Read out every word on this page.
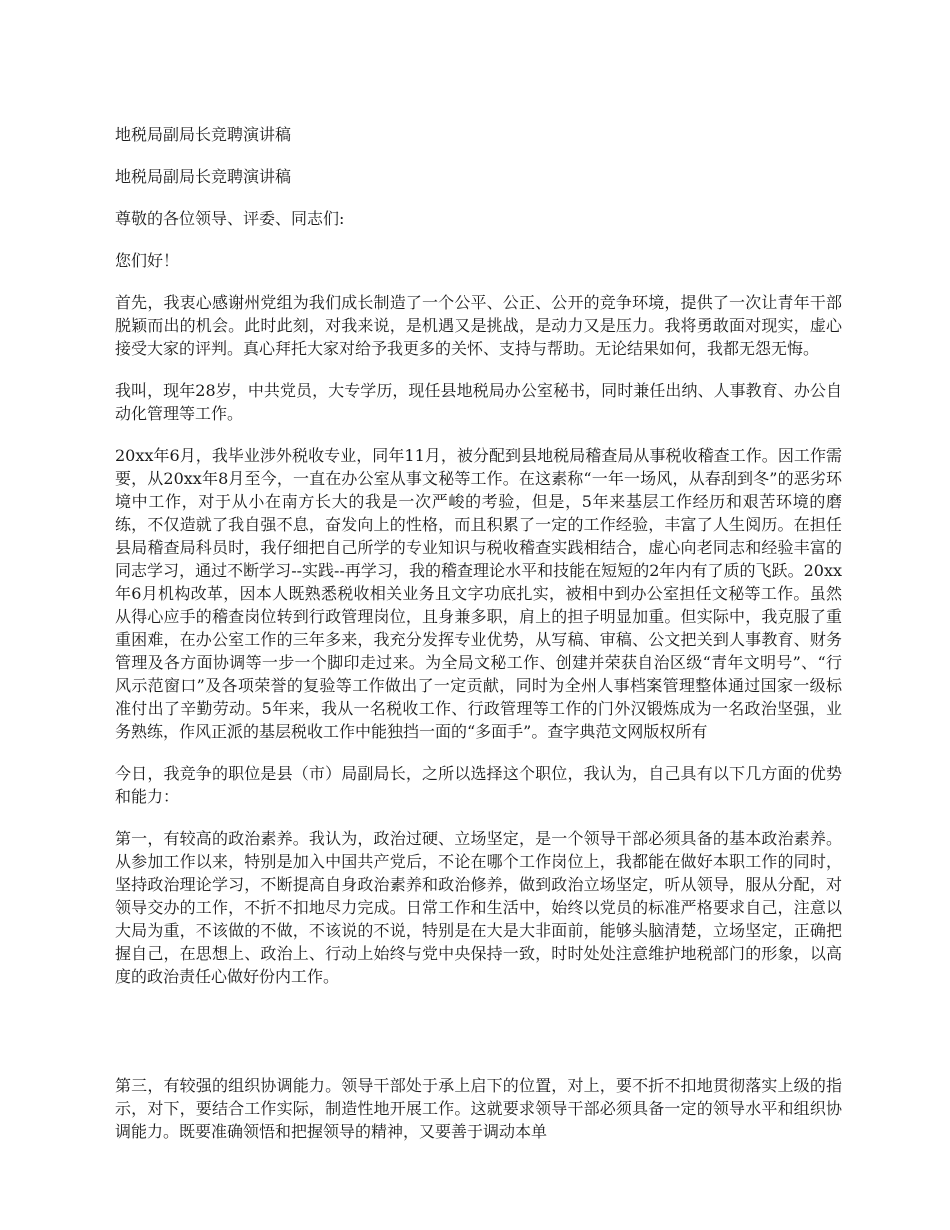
地税局副局长竞聘演讲稿

地税局副局长竞聘演讲稿

尊敬的各位领导、评委、同志们:

您们好！

首先，我衷心感谢州党组为我们成长制造了一个公平、公正、公开的竞争环境，提供了一次让青年干部脱颖而出的机会。此时此刻，对我来说，是机遇又是挑战，是动力又是压力。我将勇敢面对现实，虚心接受大家的评判。真心拜托大家对给予我更多的关怀、支持与帮助。无论结果如何，我都无怨无悔。

我叫，现年28岁，中共党员，大专学历，现任县地税局办公室秘书，同时兼任出纳、人事教育、办公自动化管理等工作。

20xx年6月，我毕业涉外税收专业，同年11月，被分配到县地税局稽查局从事税收稽查工作。因工作需要，从20xx年8月至今，一直在办公室从事文秘等工作。在这素称“一年一场风，从春刮到冬”的恶劣环境中工作，对于从小在南方长大的我是一次严峻的考验，但是，5年来基层工作经历和艰苦环境的磨练，不仅造就了我自强不息，奋发向上的性格，而且积累了一定的工作经验，丰富了人生阅历。在担任县局稽查局科员时，我仔细把自己所学的专业知识与税收稽查实践相结合，虚心向老同志和经验丰富的同志学习，通过不断学习--实践--再学习，我的稽查理论水平和技能在短短的2年内有了质的飞跃。20xx年6月机构改革，因本人既熟悉税收相关业务且文字功底扎实，被相中到办公室担任文秘等工作。虽然从得心应手的稽查岗位转到行政管理岗位，且身兼多职，肩上的担子明显加重。但实际中，我克服了重重困难，在办公室工作的三年多来，我充分发挥专业优势，从写稿、审稿、公文把关到人事教育、财务管理及各方面协调等一步一个脚印走过来。为全局文秘工作、创建并荣获自治区级“青年文明号”、“行风示范窗口”及各项荣誉的复验等工作做出了一定贡献，同时为全州人事档案管理整体通过国家一级标准付出了辛勤劳动。5年来，我从一名税收工作、行政管理等工作的门外汉锻炼成为一名政治坚强，业务熟练，作风正派的基层税收工作中能独挡一面的“多面手”。查字典范文网版权所有

今日，我竞争的职位是县（市）局副局长，之所以选择这个职位，我认为，自己具有以下几方面的优势和能力：

第一，有较高的政治素养。我认为，政治过硬、立场坚定，是一个领导干部必须具备的基本政治素养。从参加工作以来，特别是加入中国共产党后，不论在哪个工作岗位上，我都能在做好本职工作的同时，坚持政治理论学习，不断提高自身政治素养和政治修养，做到政治立场坚定，听从领导，服从分配，对领导交办的工作，不折不扣地尽力完成。日常工作和生活中，始终以党员的标准严格要求自己，注意以大局为重，不该做的不做，不该说的不说，特别是在大是大非面前，能够头脑清楚，立场坚定，正确把握自己，在思想上、政治上、行动上始终与党中央保持一致，时时处处注意维护地税部门的形象，以高度的政治责任心做好份内工作。

第三，有较强的组织协调能力。领导干部处于承上启下的位置，对上，要不折不扣地贯彻落实上级的指示，对下，要结合工作实际，制造性地开展工作。这就要求领导干部必须具备一定的领导水平和组织协调能力。既要准确领悟和把握领导的精神，又要善于调动本单
